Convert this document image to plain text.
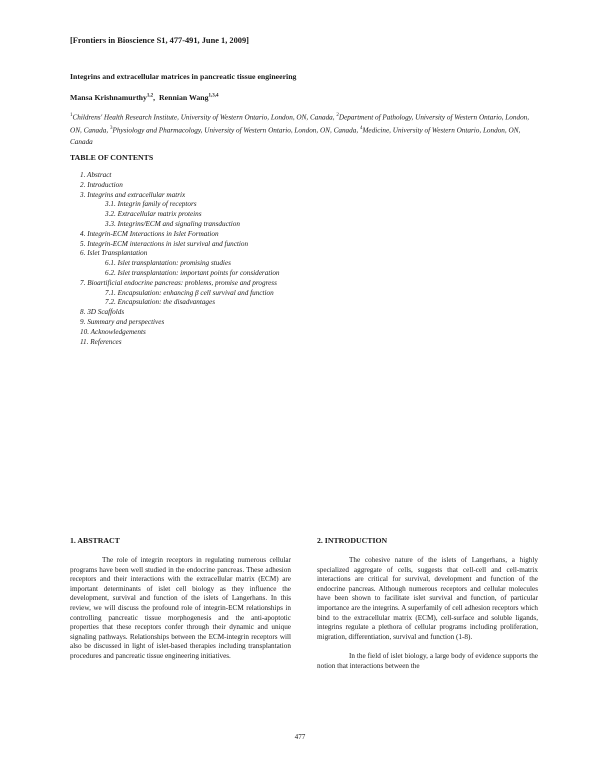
[Frontiers in Bioscience S1, 477-491, June 1, 2009]
Integrins and extracellular matrices in pancreatic tissue engineering
Mansa Krishnamurthy$^{1,2}$, Rennian Wang$^{1,3,4}$
$^1$Childrens' Health Research Institute, University of Western Ontario, London, ON, Canada, $^2$Department of Pathology, University of Western Ontario, London, ON, Canada, $^3$Physiology and Pharmacology, University of Western Ontario, London, ON, Canada, $^4$Medicine, University of Western Ontario, London, ON, Canada
TABLE OF CONTENTS
1. Abstract
2. Introduction
3. Integrins and extracellular matrix
3.1. Integrin family of receptors
3.2. Extracellular matrix proteins
3.3. Integrins/ECM and signaling transduction
4. Integrin-ECM Interactions in Islet Formation
5. Integrin-ECM interactions in islet survival and function
6. Islet Transplantation
6.1. Islet transplantation: promising studies
6.2. Islet transplantation: important points for consideration
7. Bioartificial endocrine pancreas: problems, promise and progress
7.1. Encapsulation: enhancing β cell survival and function
7.2. Encapsulation: the disadvantages
8. 3D Scaffolds
9. Summary and perspectives
10. Acknowledgements
11. References
1. ABSTRACT

The role of integrin receptors in regulating numerous cellular programs have been well studied in the endocrine pancreas. These adhesion receptors and their interactions with the extracellular matrix (ECM) are important determinants of islet cell biology as they influence the development, survival and function of the islets of Langerhans. In this review, we will discuss the profound role of integrin-ECM relationships in controlling pancreatic tissue morphogenesis and the anti-apoptotic properties that these receptors confer through their dynamic and unique signaling pathways. Relationships between the ECM-integrin receptors will also be discussed in light of islet-based therapies including transplantation procedures and pancreatic tissue engineering initiatives.

2. INTRODUCTION

The cohesive nature of the islets of Langerhans, a highly specialized aggregate of cells, suggests that cell-cell and cell-matrix interactions are critical for survival, development and function of the endocrine pancreas. Although numerous receptors and cellular molecules have been shown to facilitate islet survival and function, of particular importance are the integrins. A superfamily of cell adhesion receptors which bind to the extracellular matrix (ECM), cell-surface and soluble ligands, integrins regulate a plethora of cellular programs including proliferation, migration, differentiation, survival and function (1-8).

In the field of islet biology, a large body of evidence supports the notion that interactions between the

477
